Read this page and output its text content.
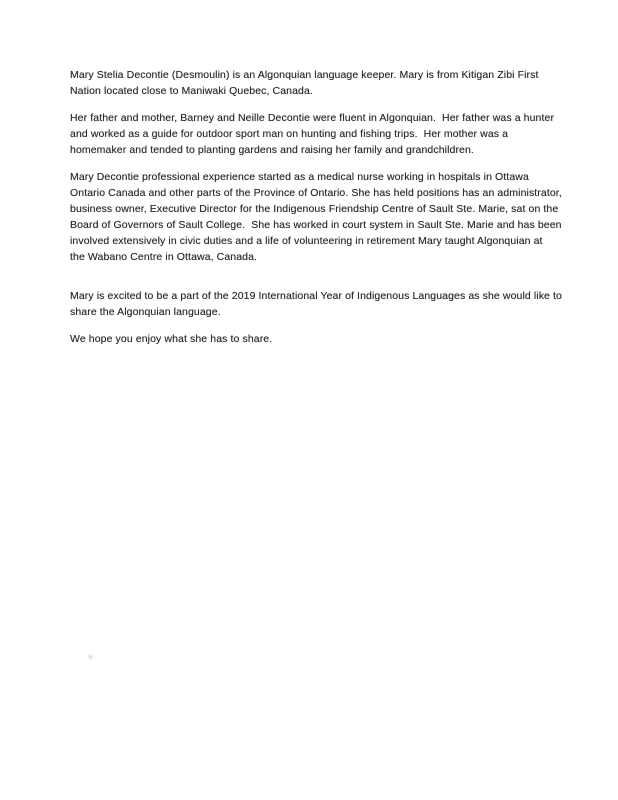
Mary Stelia Decontie (Desmoulin) is an Algonquian language keeper. Mary is from Kitigan Zibi First
Nation located close to Maniwaki Quebec, Canada.

Her father and mother, Barney and Neille Decontie were fluent in Algonquian.  Her father was a hunter
and worked as a guide for outdoor sport man on hunting and fishing trips.  Her mother was a
homemaker and tended to planting gardens and raising her family and grandchildren.

Mary Decontie professional experience started as a medical nurse working in hospitals in Ottawa
Ontario Canada and other parts of the Province of Ontario. She has held positions has an administrator,
business owner, Executive Director for the Indigenous Friendship Centre of Sault Ste. Marie, sat on the
Board of Governors of Sault College.  She has worked in court system in Sault Ste. Marie and has been
involved extensively in civic duties and a life of volunteering in retirement Mary taught Algonquian at
the Wabano Centre in Ottawa, Canada.

Mary is excited to be a part of the 2019 International Year of Indigenous Languages as she would like to
share the Algonquian language.

We hope you enjoy what she has to share.
